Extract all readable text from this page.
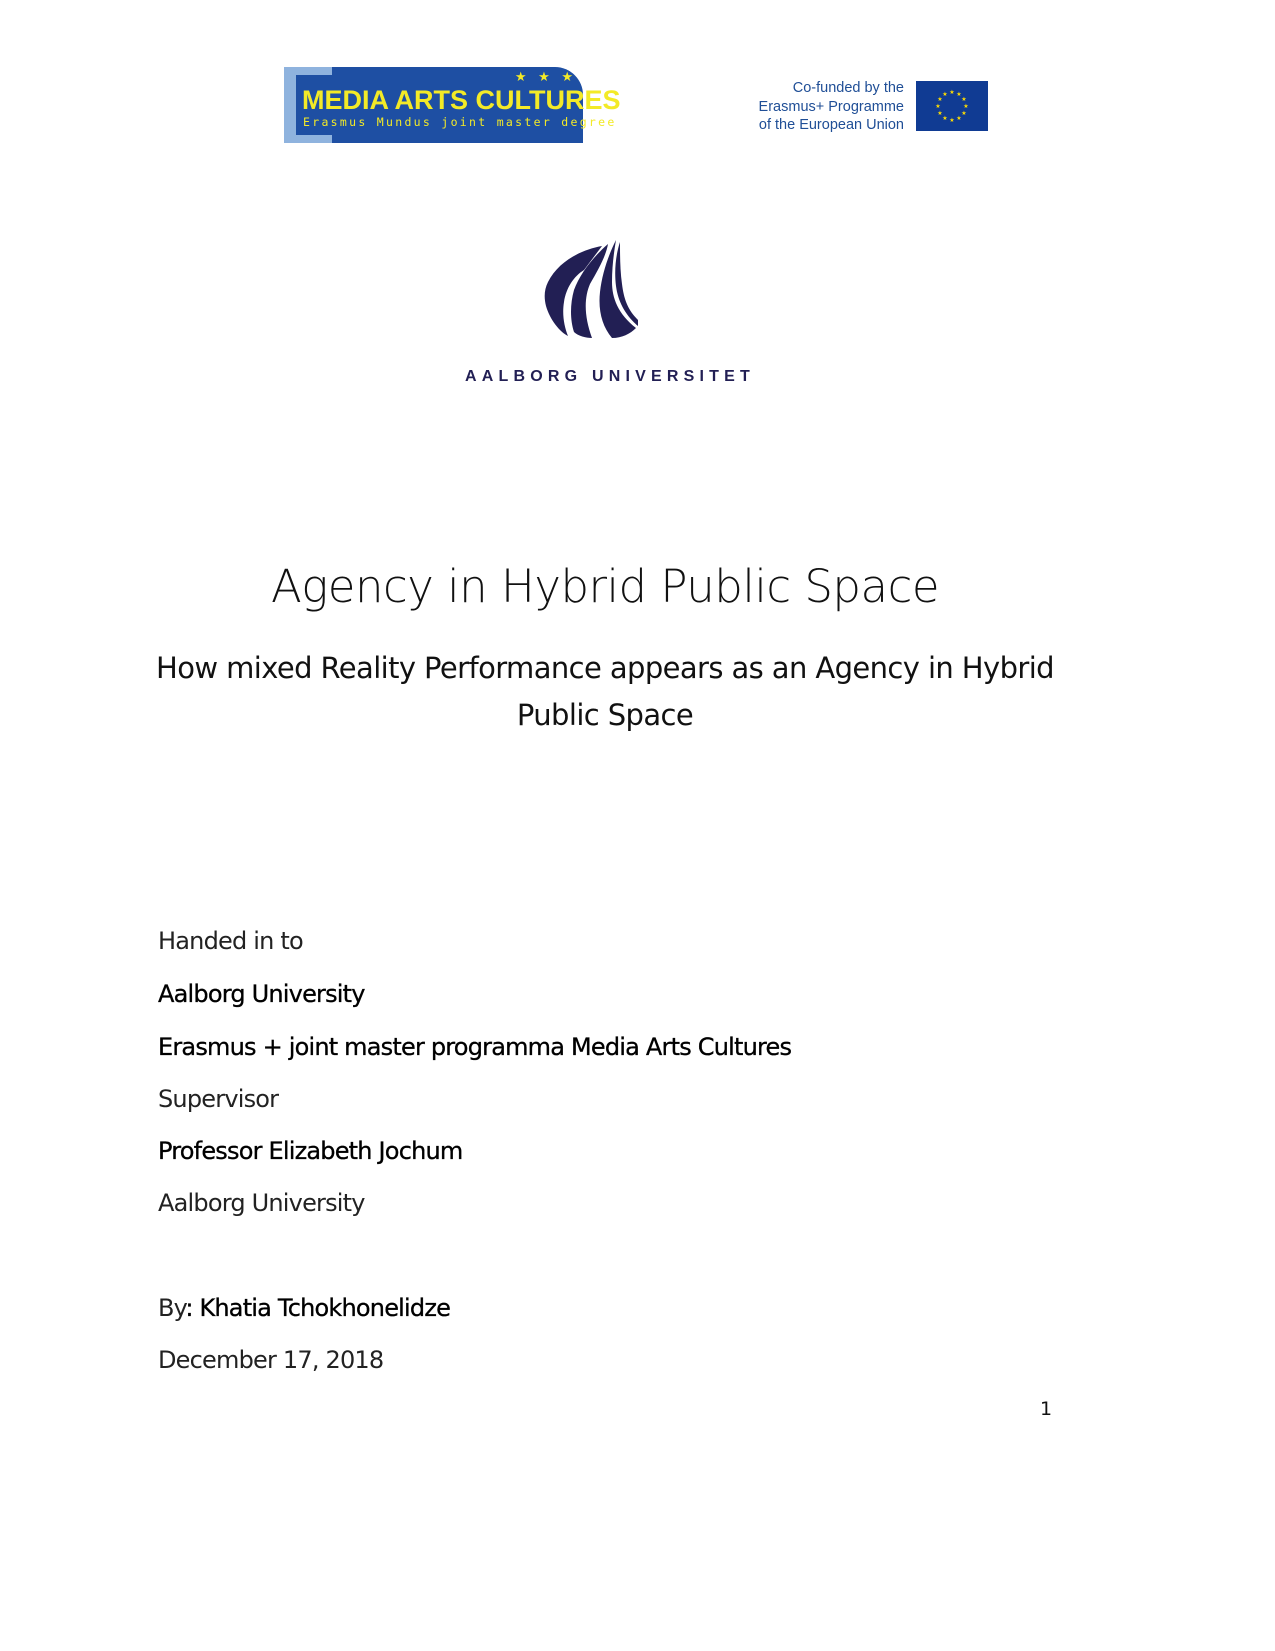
★ ★ ★
MEDIA ARTS CULTURES
Erasmus Mundus joint master degree
Co-funded by the
Erasmus+ Programme
of the European Union
★ ★
★
★
★
★
★
★
★
★
★
★
AALBORG UNIVERSITET
Agency in Hybrid Public Space
How mixed Reality Performance appears as an Agency in Hybrid Public Space
Handed in to
Aalborg University
Erasmus + joint master programma Media Arts Cultures
Supervisor
Professor Elizabeth Jochum
Aalborg University
By: Khatia Tchokhonelidze
December 17, 2018
1
